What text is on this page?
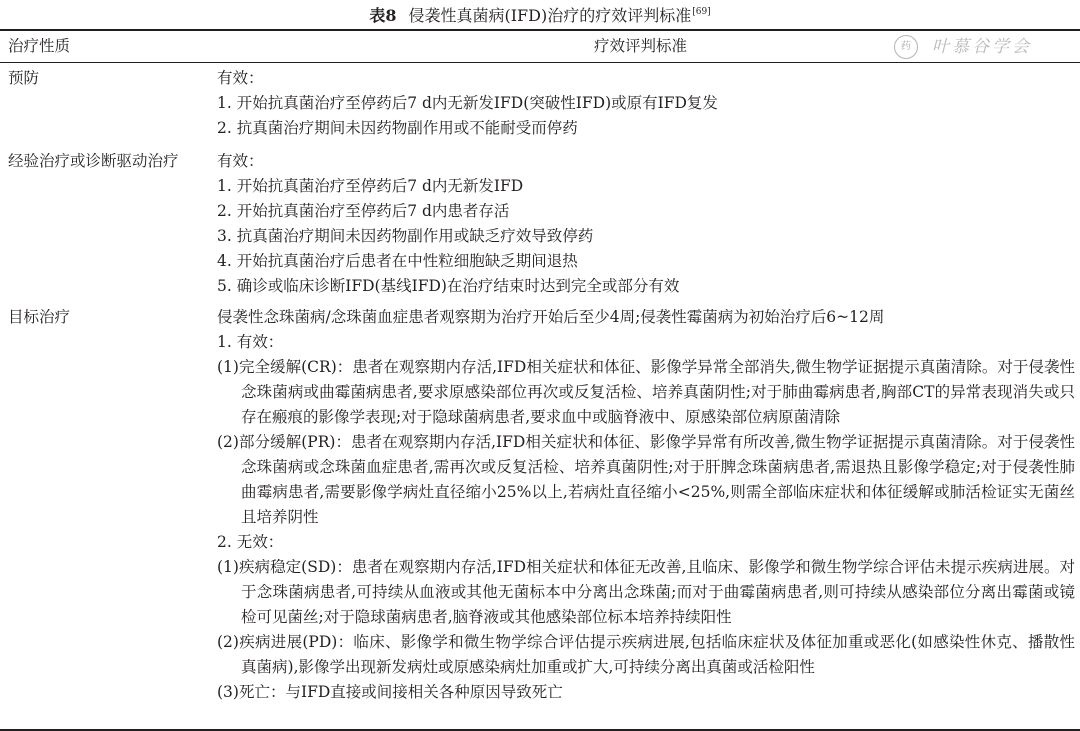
表8 侵袭性真菌病(IFD)治疗的疗效评判标准[69]
治疗性质	疗效评判标准	药	叶慕谷学会
预防	有效：
1. 开始抗真菌治疗至停药后7 d内无新发IFD(突破性IFD)或原有IFD复发
2. 抗真菌治疗期间未因药物副作用或不能耐受而停药
经验治疗或诊断驱动治疗 有效：
1. 开始抗真菌治疗至停药后7 d内无新发IFD
2. 开始抗真菌治疗至停药后7 d内患者存活
3. 抗真菌治疗期间未因药物副作用或缺乏疗效导致停药
4. 开始抗真菌治疗后患者在中性粒细胞缺乏期间退热
5. 确诊或临床诊断IFD(基线IFD)在治疗结束时达到完全或部分有效
目标治疗	侵袭性念珠菌病/念珠菌血症患者观察期为治疗开始后至少4周;侵袭性霉菌病为初始治疗后6~12周
1. 有效：
(1)完全缓解(CR)：患者在观察期内存活,IFD相关症状和体征、影像学异常全部消失,微生物学证据提示真菌清除。对于侵袭性念珠菌病或曲霉菌病患者,要求原感染部位再次或反复活检、培养真菌阴性;对于肺曲霉病患者,胸部CT的异常表现消失或只存在瘢痕的影像学表现;对于隐球菌病患者,要求血中或脑脊液中、原感染部位病原菌清除
(2)部分缓解(PR)：患者在观察期内存活,IFD相关症状和体征、影像学异常有所改善,微生物学证据提示真菌清除。对于侵袭性念珠菌病或念珠菌血症患者,需再次或反复活检、培养真菌阴性;对于肝脾念珠菌病患者,需退热且影像学稳定;对于侵袭性肺曲霉病患者,需要影像学病灶直径缩小25%以上,若病灶直径缩小<25%,则需全部临床症状和体征缓解或肺活检证实无菌丝且培养阴性
2. 无效：
(1)疾病稳定(SD)：患者在观察期内存活,IFD相关症状和体征无改善,且临床、影像学和微生物学综合评估未提示疾病进展。对于念珠菌病患者,可持续从血液或其他无菌标本中分离出念珠菌;而对于曲霉菌病患者,则可持续从感染部位分离出霉菌或镜检可见菌丝;对于隐球菌病患者,脑脊液或其他感染部位标本培养持续阳性
(2)疾病进展(PD)：临床、影像学和微生物学综合评估提示疾病进展,包括临床症状及体征加重或恶化(如感染性休克、播散性真菌病),影像学出现新发病灶或原感染病灶加重或扩大,可持续分离出真菌或活检阳性
(3)死亡：与IFD直接或间接相关各种原因导致死亡
